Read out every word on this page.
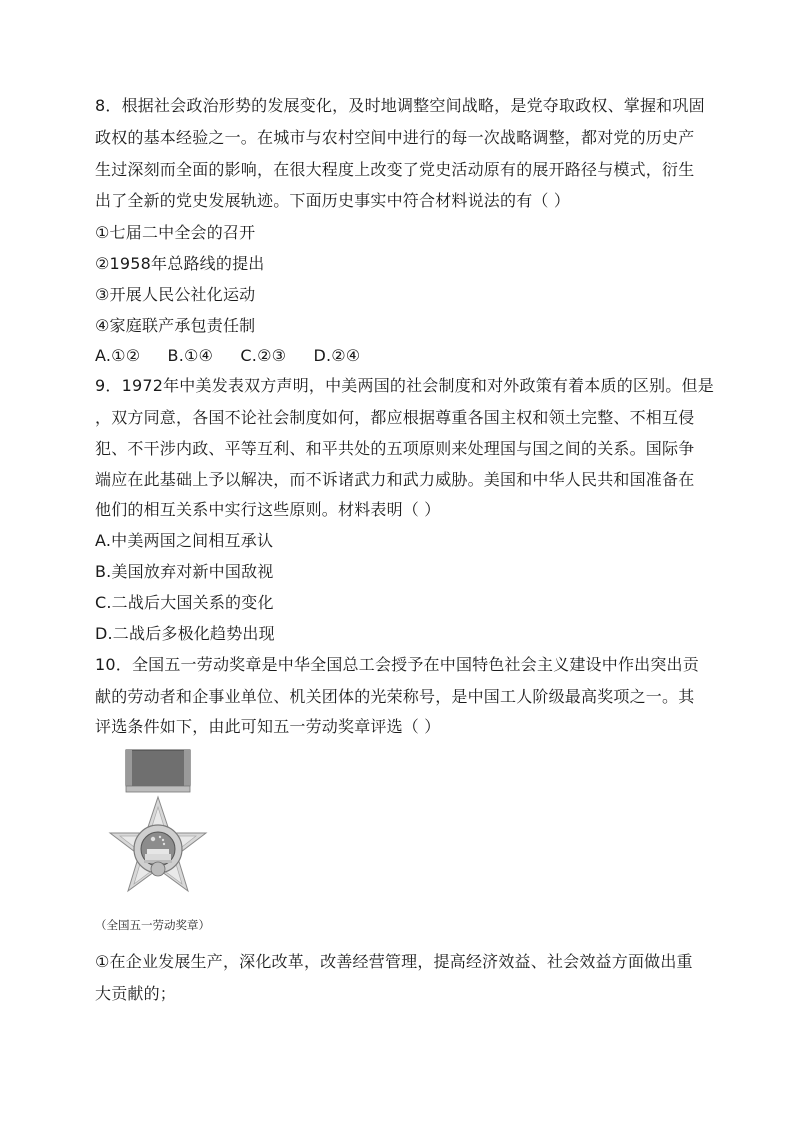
8．根据社会政治形势的发展变化，及时地调整空间战略，是党夺取政权、掌握和巩固
政权的基本经验之一。在城市与农村空间中进行的每一次战略调整，都对党的历史产
生过深刻而全面的影响，在很大程度上改变了党史活动原有的展开路径与模式，衍生
出了全新的党史发展轨迹。下面历史事实中符合材料说法的有（ ）
①七届二中全会的召开
②1958年总路线的提出
③开展人民公社化运动
④家庭联产承包责任制
A.①② B.①④ C.②③ D.②④
9．1972年中美发表双方声明，中美两国的社会制度和对外政策有着本质的区别。但是
，双方同意，各国不论社会制度如何，都应根据尊重各国主权和领土完整、不相互侵
犯、不干涉内政、平等互利、和平共处的五项原则来处理国与国之间的关系。国际争
端应在此基础上予以解决，而不诉诸武力和武力威胁。美国和中华人民共和国准备在
他们的相互关系中实行这些原则。材料表明（ ）
A.中美两国之间相互承认
B.美国放弃对新中国敌视
C.二战后大国关系的变化
D.二战后多极化趋势出现
10．全国五一劳动奖章是中华全国总工会授予在中国特色社会主义建设中作出突出贡
献的劳动者和企事业单位、机关团体的光荣称号，是中国工人阶级最高奖项之一。其
评选条件如下，由此可知五一劳动奖章评选（ ）
（全国五一劳动奖章）
①在企业发展生产，深化改革，改善经营管理，提高经济效益、社会效益方面做出重
大贡献的；
